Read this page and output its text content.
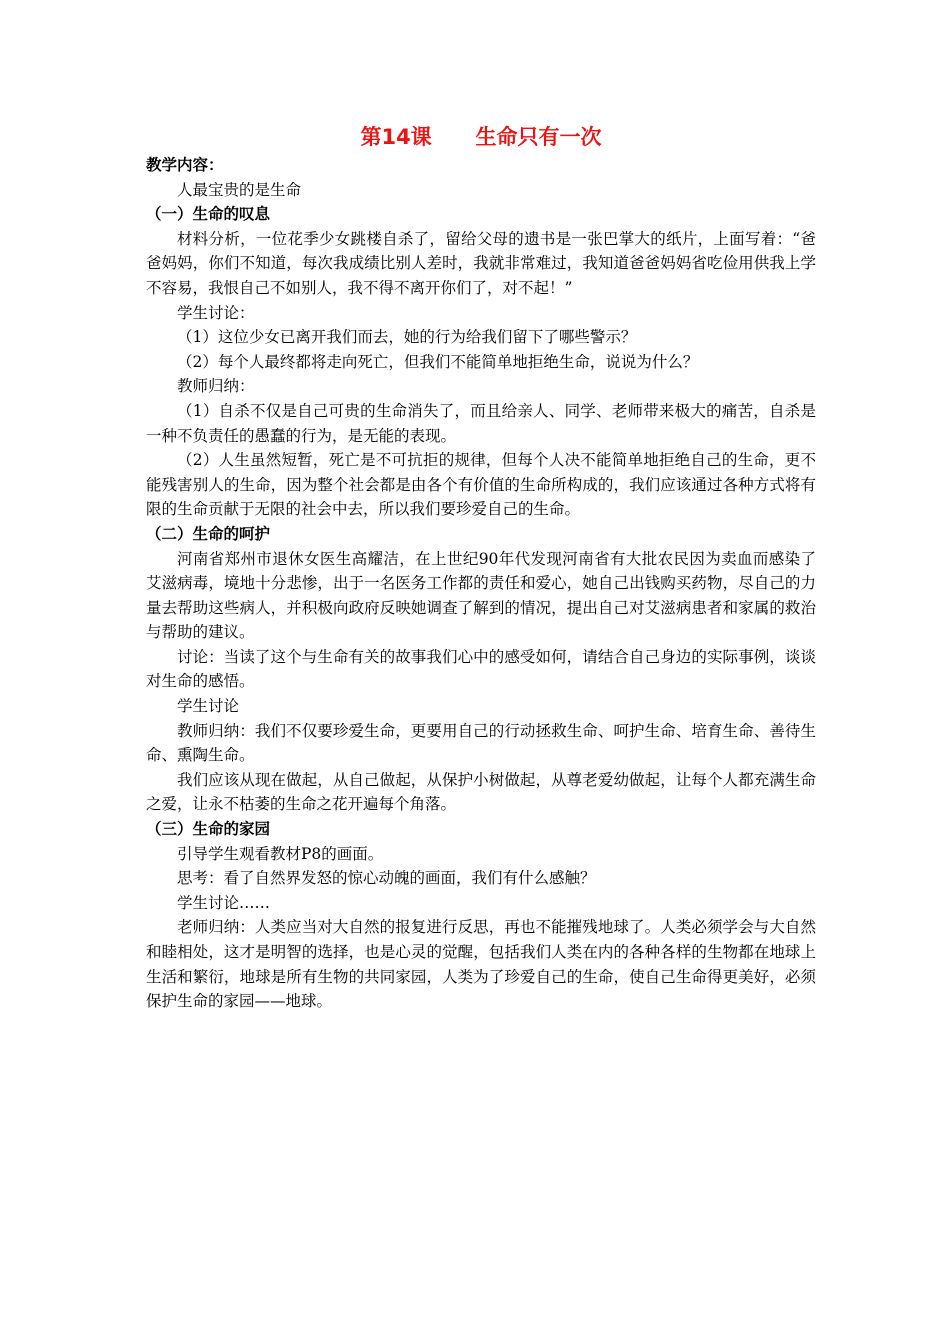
第14课      生命只有一次

教学内容：

人最宝贵的是生命

（一）生命的叹息

材料分析，一位花季少女跳楼自杀了，留给父母的遗书是一张巴掌大的纸片，上面写着：“爸爸妈妈，你们不知道，每次我成绩比别人差时，我就非常难过，我知道爸爸妈妈省吃俭用供我上学不容易，我恨自己不如别人，我不得不离开你们了，对不起！”

学生讨论：

（1）这位少女已离开我们而去，她的行为给我们留下了哪些警示？

（2）每个人最终都将走向死亡，但我们不能简单地拒绝生命，说说为什么？

教师归纳：

（1）自杀不仅是自己可贵的生命消失了，而且给亲人、同学、老师带来极大的痛苦，自杀是一种不负责任的愚蠢的行为，是无能的表现。

（2）人生虽然短暂，死亡是不可抗拒的规律，但每个人决不能简单地拒绝自己的生命，更不能残害别人的生命，因为整个社会都是由各个有价值的生命所构成的，我们应该通过各种方式将有限的生命贡献于无限的社会中去，所以我们要珍爱自己的生命。

（二）生命的呵护

河南省郑州市退休女医生高耀洁，在上世纪90年代发现河南省有大批农民因为卖血而感染了艾滋病毒，境地十分悲惨，出于一名医务工作都的责任和爱心，她自己出钱购买药物，尽自己的力量去帮助这些病人，并积极向政府反映她调查了解到的情况，提出自己对艾滋病患者和家属的救治与帮助的建议。

讨论：当读了这个与生命有关的故事我们心中的感受如何，请结合自己身边的实际事例，谈谈对生命的感悟。

学生讨论

教师归纳：我们不仅要珍爱生命，更要用自己的行动拯救生命、呵护生命、培育生命、善待生命、熏陶生命。

我们应该从现在做起，从自己做起，从保护小树做起，从尊老爱幼做起，让每个人都充满生命之爱，让永不枯萎的生命之花开遍每个角落。

（三）生命的家园

引导学生观看教材P8的画面。

思考：看了自然界发怒的惊心动魄的画面，我们有什么感触？

学生讨论……

老师归纳：人类应当对大自然的报复进行反思，再也不能摧残地球了。人类必须学会与大自然和睦相处，这才是明智的选择，也是心灵的觉醒，包括我们人类在内的各种各样的生物都在地球上生活和繁衍，地球是所有生物的共同家园，人类为了珍爱自己的生命，使自己生命得更美好，必须保护生命的家园——地球。
